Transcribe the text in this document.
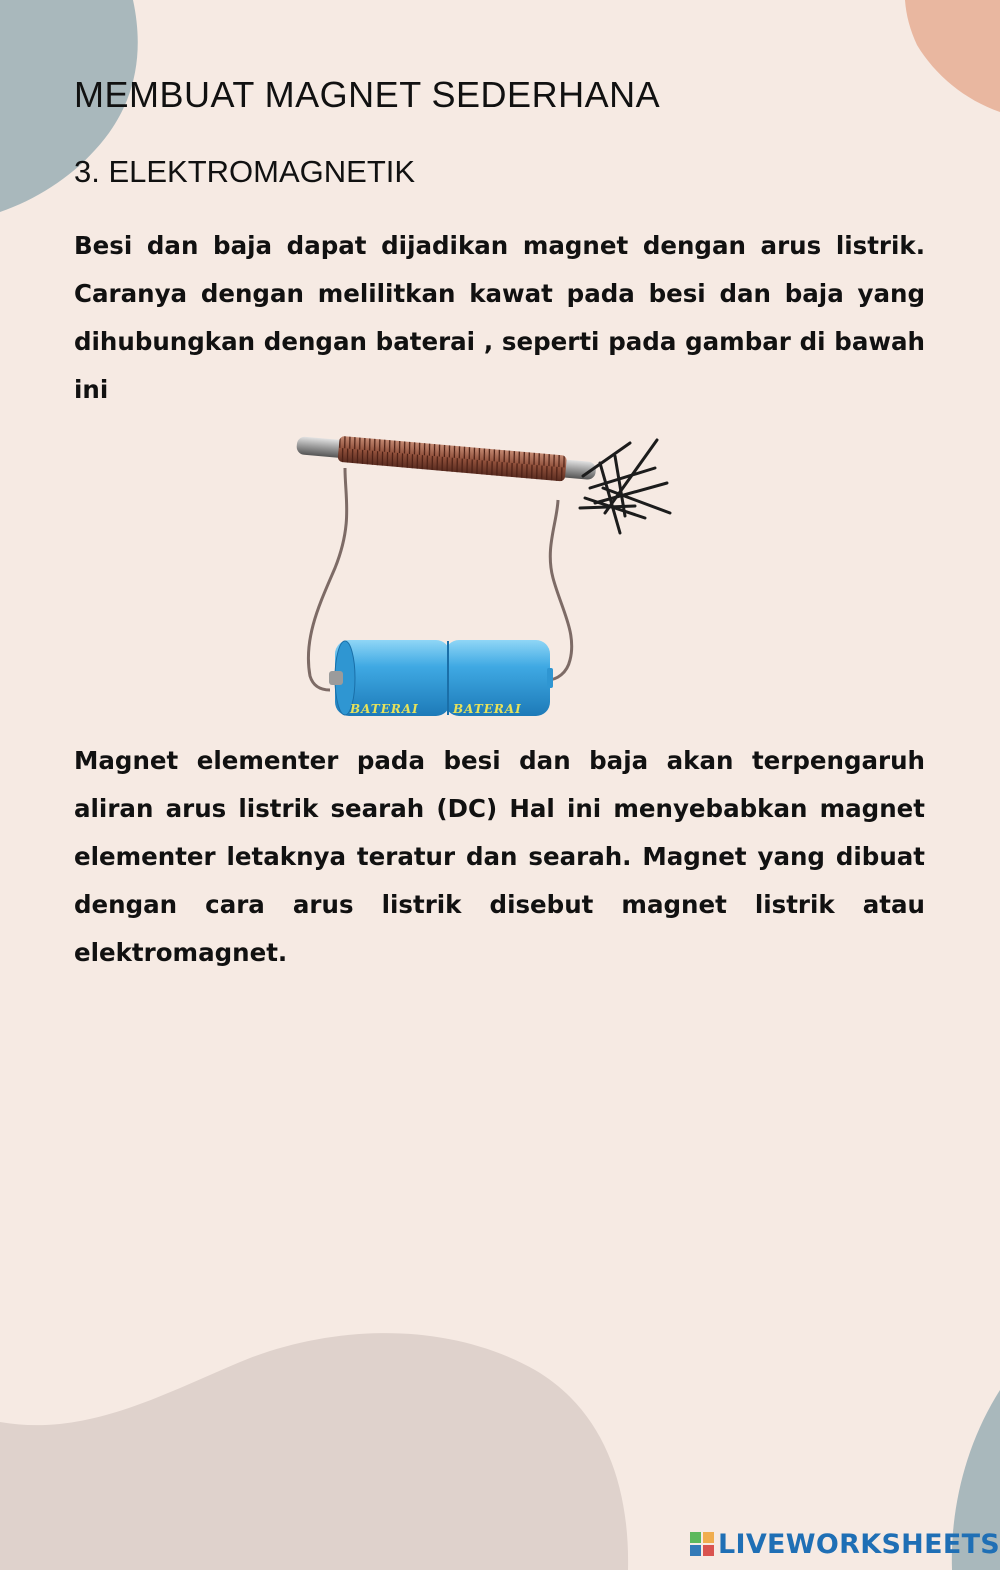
MEMBUAT MAGNET SEDERHANA
3. ELEKTROMAGNETIK

Besi dan baja dapat dijadikan magnet dengan arus listrik. Caranya dengan melilitkan kawat pada besi dan baja yang dihubungkan dengan baterai , seperti pada gambar di bawah ini

BATERAI	BATERAI

Magnet elementer pada besi dan baja akan terpengaruh aliran arus listrik searah (DC) Hal ini menyebabkan magnet elementer letaknya teratur dan searah. Magnet yang dibuat dengan cara arus listrik disebut magnet listrik atau elektromagnet.

LIVEWORKSHEETS
